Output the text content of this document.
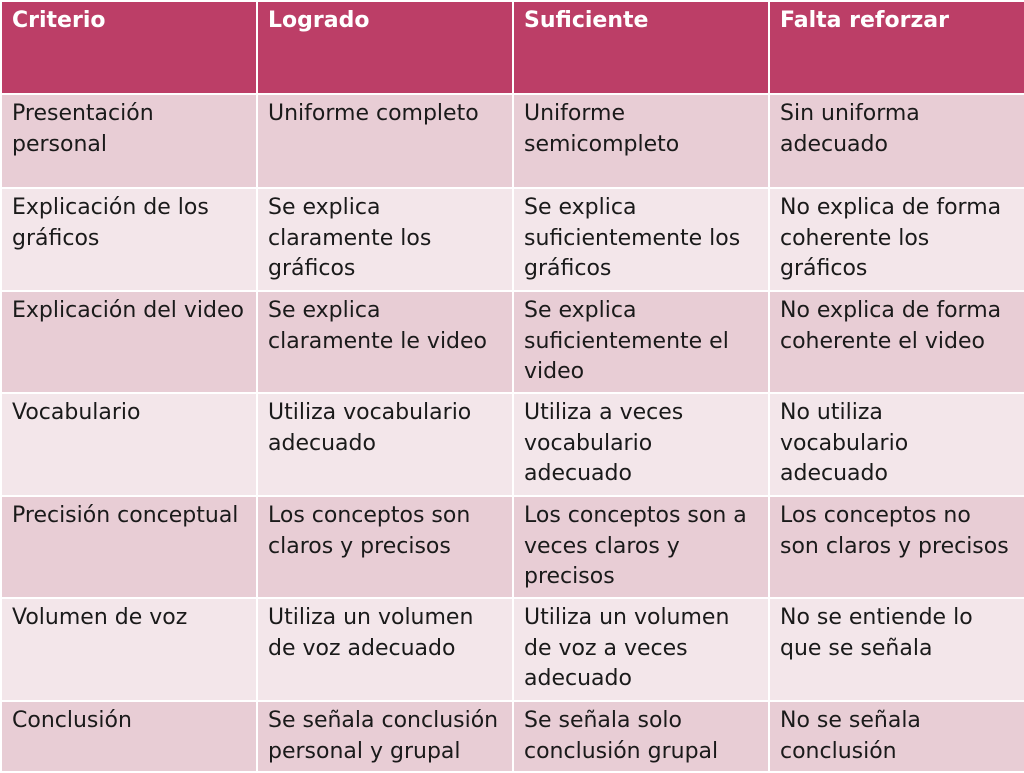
Criterio	Logrado	Suficiente	Falta reforzar
Presentación personal	Uniforme completo	Uniforme semicompleto	Sin uniforma adecuado
Explicación de los gráficos	Se explica claramente los gráficos	Se explica suficientemente los gráficos	No explica de forma coherente los gráficos
Explicación del video	Se explica claramente le video	Se explica suficientemente el video	No explica de forma coherente el video
Vocabulario	Utiliza vocabulario adecuado	Utiliza a veces vocabulario adecuado	No utiliza vocabulario adecuado
Precisión conceptual	Los conceptos son claros y precisos	Los conceptos son a veces claros y precisos	Los conceptos no son claros y precisos
Volumen de voz	Utiliza un volumen de voz adecuado	Utiliza un volumen de voz a veces adecuado	No se entiende lo que se señala
Conclusión	Se señala conclusión personal y grupal	Se señala solo conclusión grupal	No se señala conclusión
